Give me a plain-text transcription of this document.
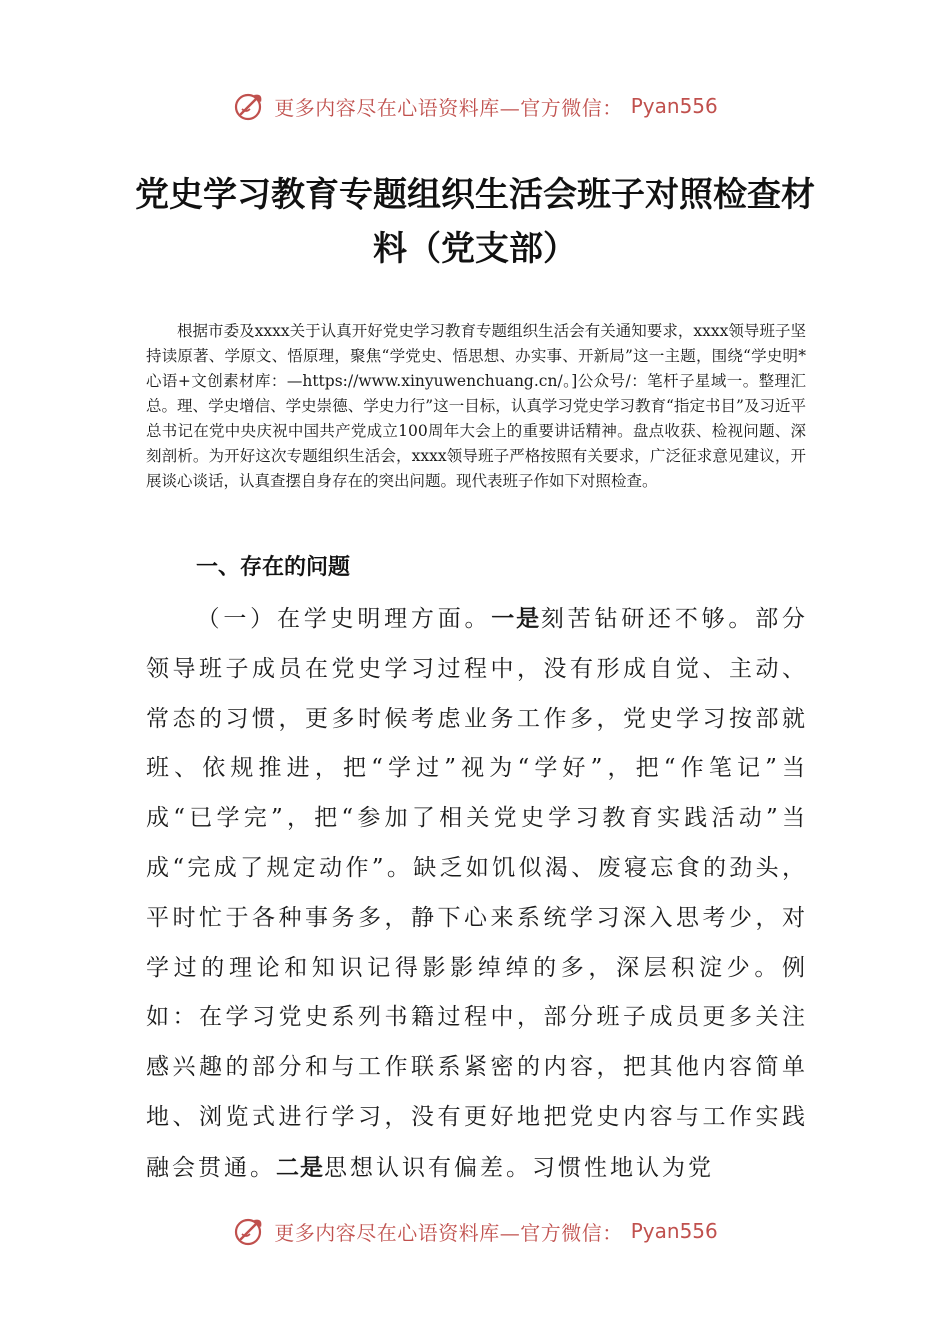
更多内容尽在心语资料库—官方微信： Pyan556
党史学习教育专题组织生活会班子对照检查材料（党支部）

根据市委及xxxx关于认真开好党史学习教育专题组织生活会有关通知要求，xxxx领导班子坚持读原著、学原文、悟原理，聚焦“学党史、悟思想、办实事、开新局”这一主题，围绕“学史明*心语+文创素材库：—https://www.xinyuwenchuang.cn/。]公众号/：笔杆子星域一。整理汇总。理、学史增信、学史崇德、学史力行”这一目标，认真学习党史学习教育“指定书目”及习近平总书记在党中央庆祝中国共产党成立100周年大会上的重要讲话精神。盘点收获、检视问题、深刻剖析。为开好这次专题组织生活会，xxxx领导班子严格按照有关要求，广泛征求意见建议，开展谈心谈话，认真查摆自身存在的突出问题。现代表班子作如下对照检查。

一、存在的问题

（一）在学史明理方面。一是刻苦钻研还不够。部分领导班子成员在党史学习过程中，没有形成自觉、主动、常态的习惯，更多时候考虑业务工作多，党史学习按部就班、依规推进，把“学过”视为“学好”，把“作笔记”当成“已学完”，把“参加了相关党史学习教育实践活动”当成“完成了规定动作”。缺乏如饥似渴、废寝忘食的劲头，平时忙于各种事务多，静下心来系统学习深入思考少，对学过的理论和知识记得影影绰绰的多，深层积淀少。例如：在学习党史系列书籍过程中，部分班子成员更多关注感兴趣的部分和与工作联系紧密的内容，把其他内容简单地、浏览式进行学习，没有更好地把党史内容与工作实践融会贯通。二是思想认识有偏差。习惯性地认为党

更多内容尽在心语资料库—官方微信： Pyan556
